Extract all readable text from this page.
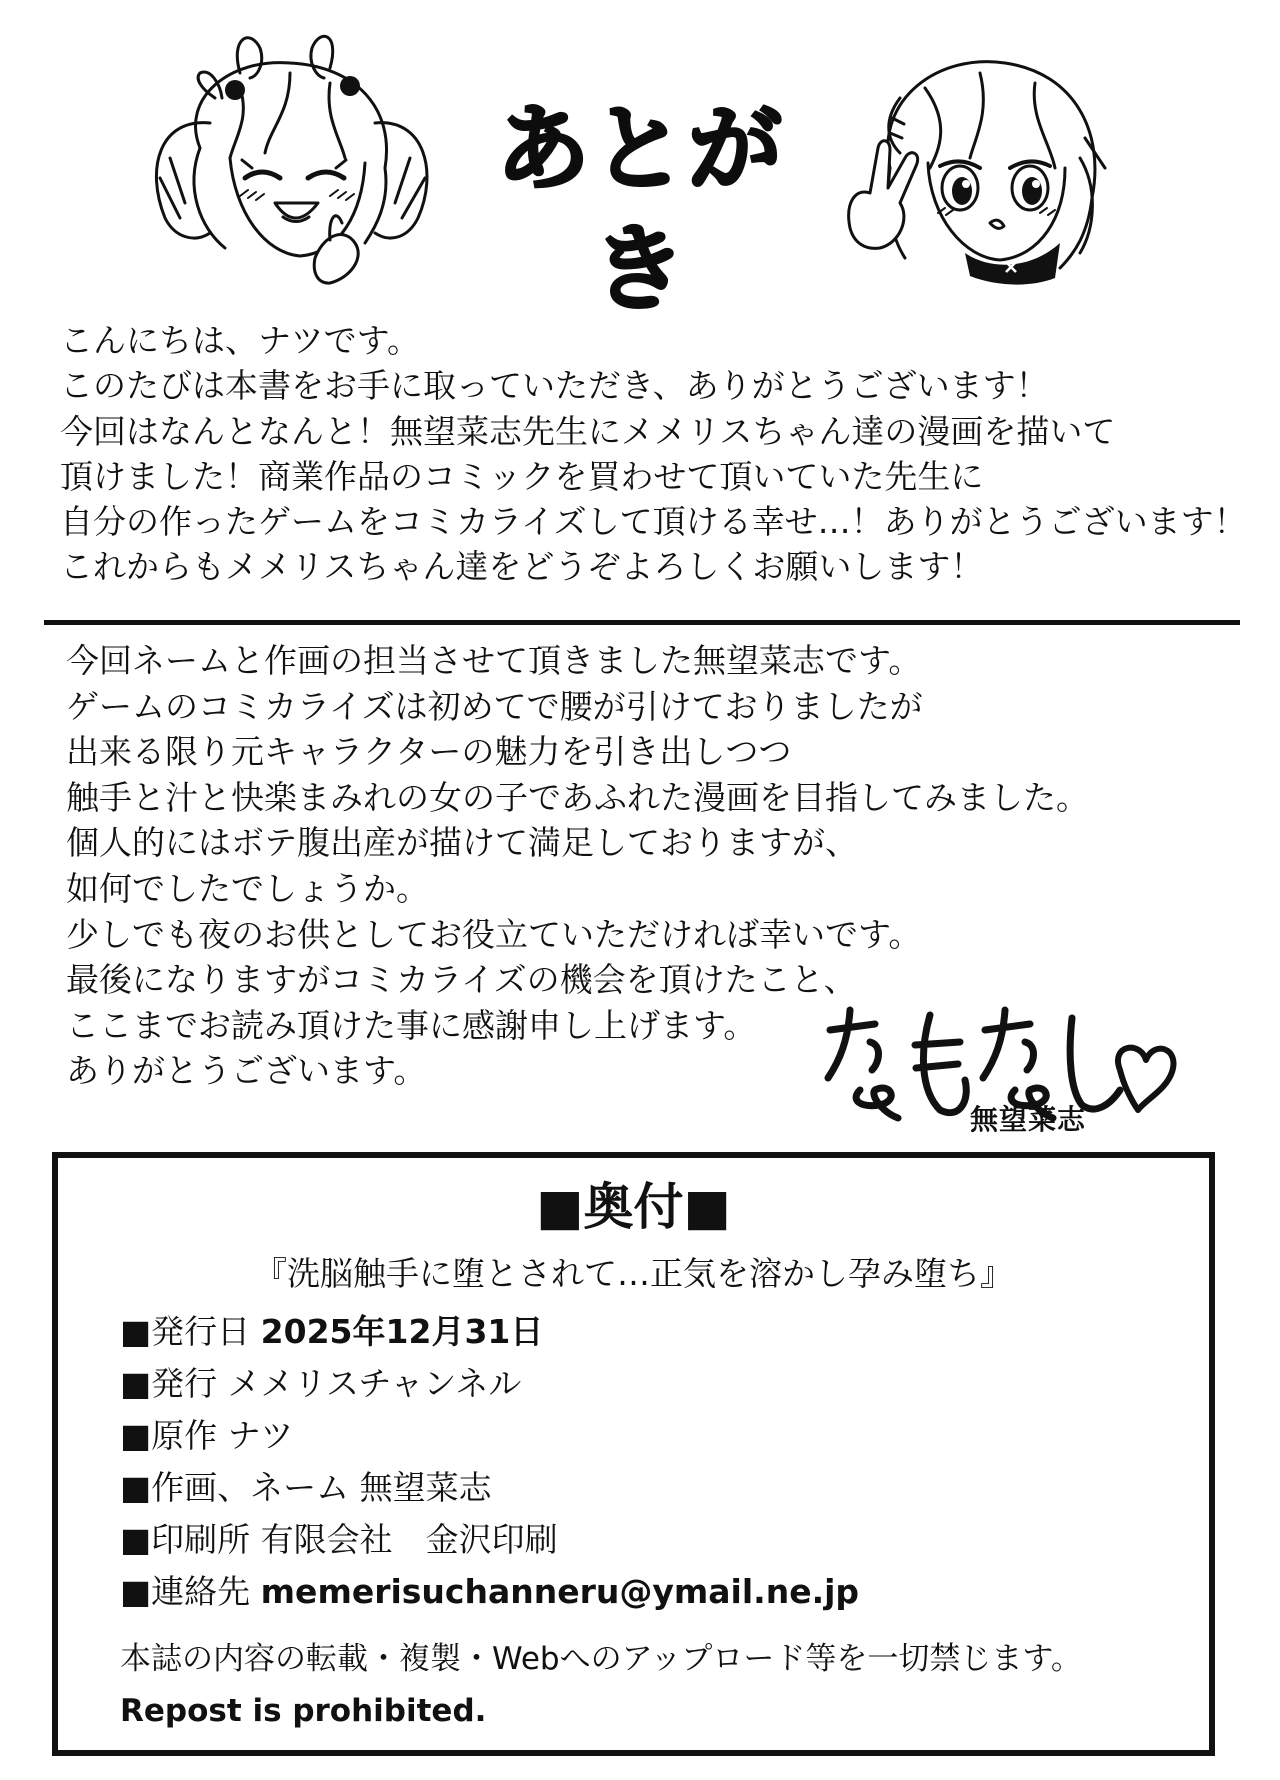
あとがき
こんにちは、ナツです。
このたびは本書をお手に取っていただき、ありがとうございます！
今回はなんとなんと！無望菜志先生にメメリスちゃん達の漫画を描いて
頂けました！商業作品のコミックを買わせて頂いていた先生に
自分の作ったゲームをコミカライズして頂ける幸せ…！ありがとうございます！
これからもメメリスちゃん達をどうぞよろしくお願いします！
今回ネームと作画の担当させて頂きました無望菜志です。
ゲームのコミカライズは初めてで腰が引けておりましたが
出来る限り元キャラクターの魅力を引き出しつつ
触手と汁と快楽まみれの女の子であふれた漫画を目指してみました。
個人的にはボテ腹出産が描けて満足しておりますが、
如何でしたでしょうか。
少しでも夜のお供としてお役立ていただければ幸いです。
最後になりますがコミカライズの機会を頂けたこと、
ここまでお読み頂けた事に感謝申し上げます。
ありがとうございます。
無望菜志
■奥付■
『洗脳触手に堕とされて…正気を溶かし孕み堕ち』
■発行日 2025年12月31日
■発行 メメリスチャンネル
■原作 ナツ
■作画、ネーム 無望菜志
■印刷所 有限会社　金沢印刷
■連絡先 memerisuchanneru@ymail.ne.jp
本誌の内容の転載・複製・Webへのアップロード等を一切禁じます。
Repost is prohibited.
